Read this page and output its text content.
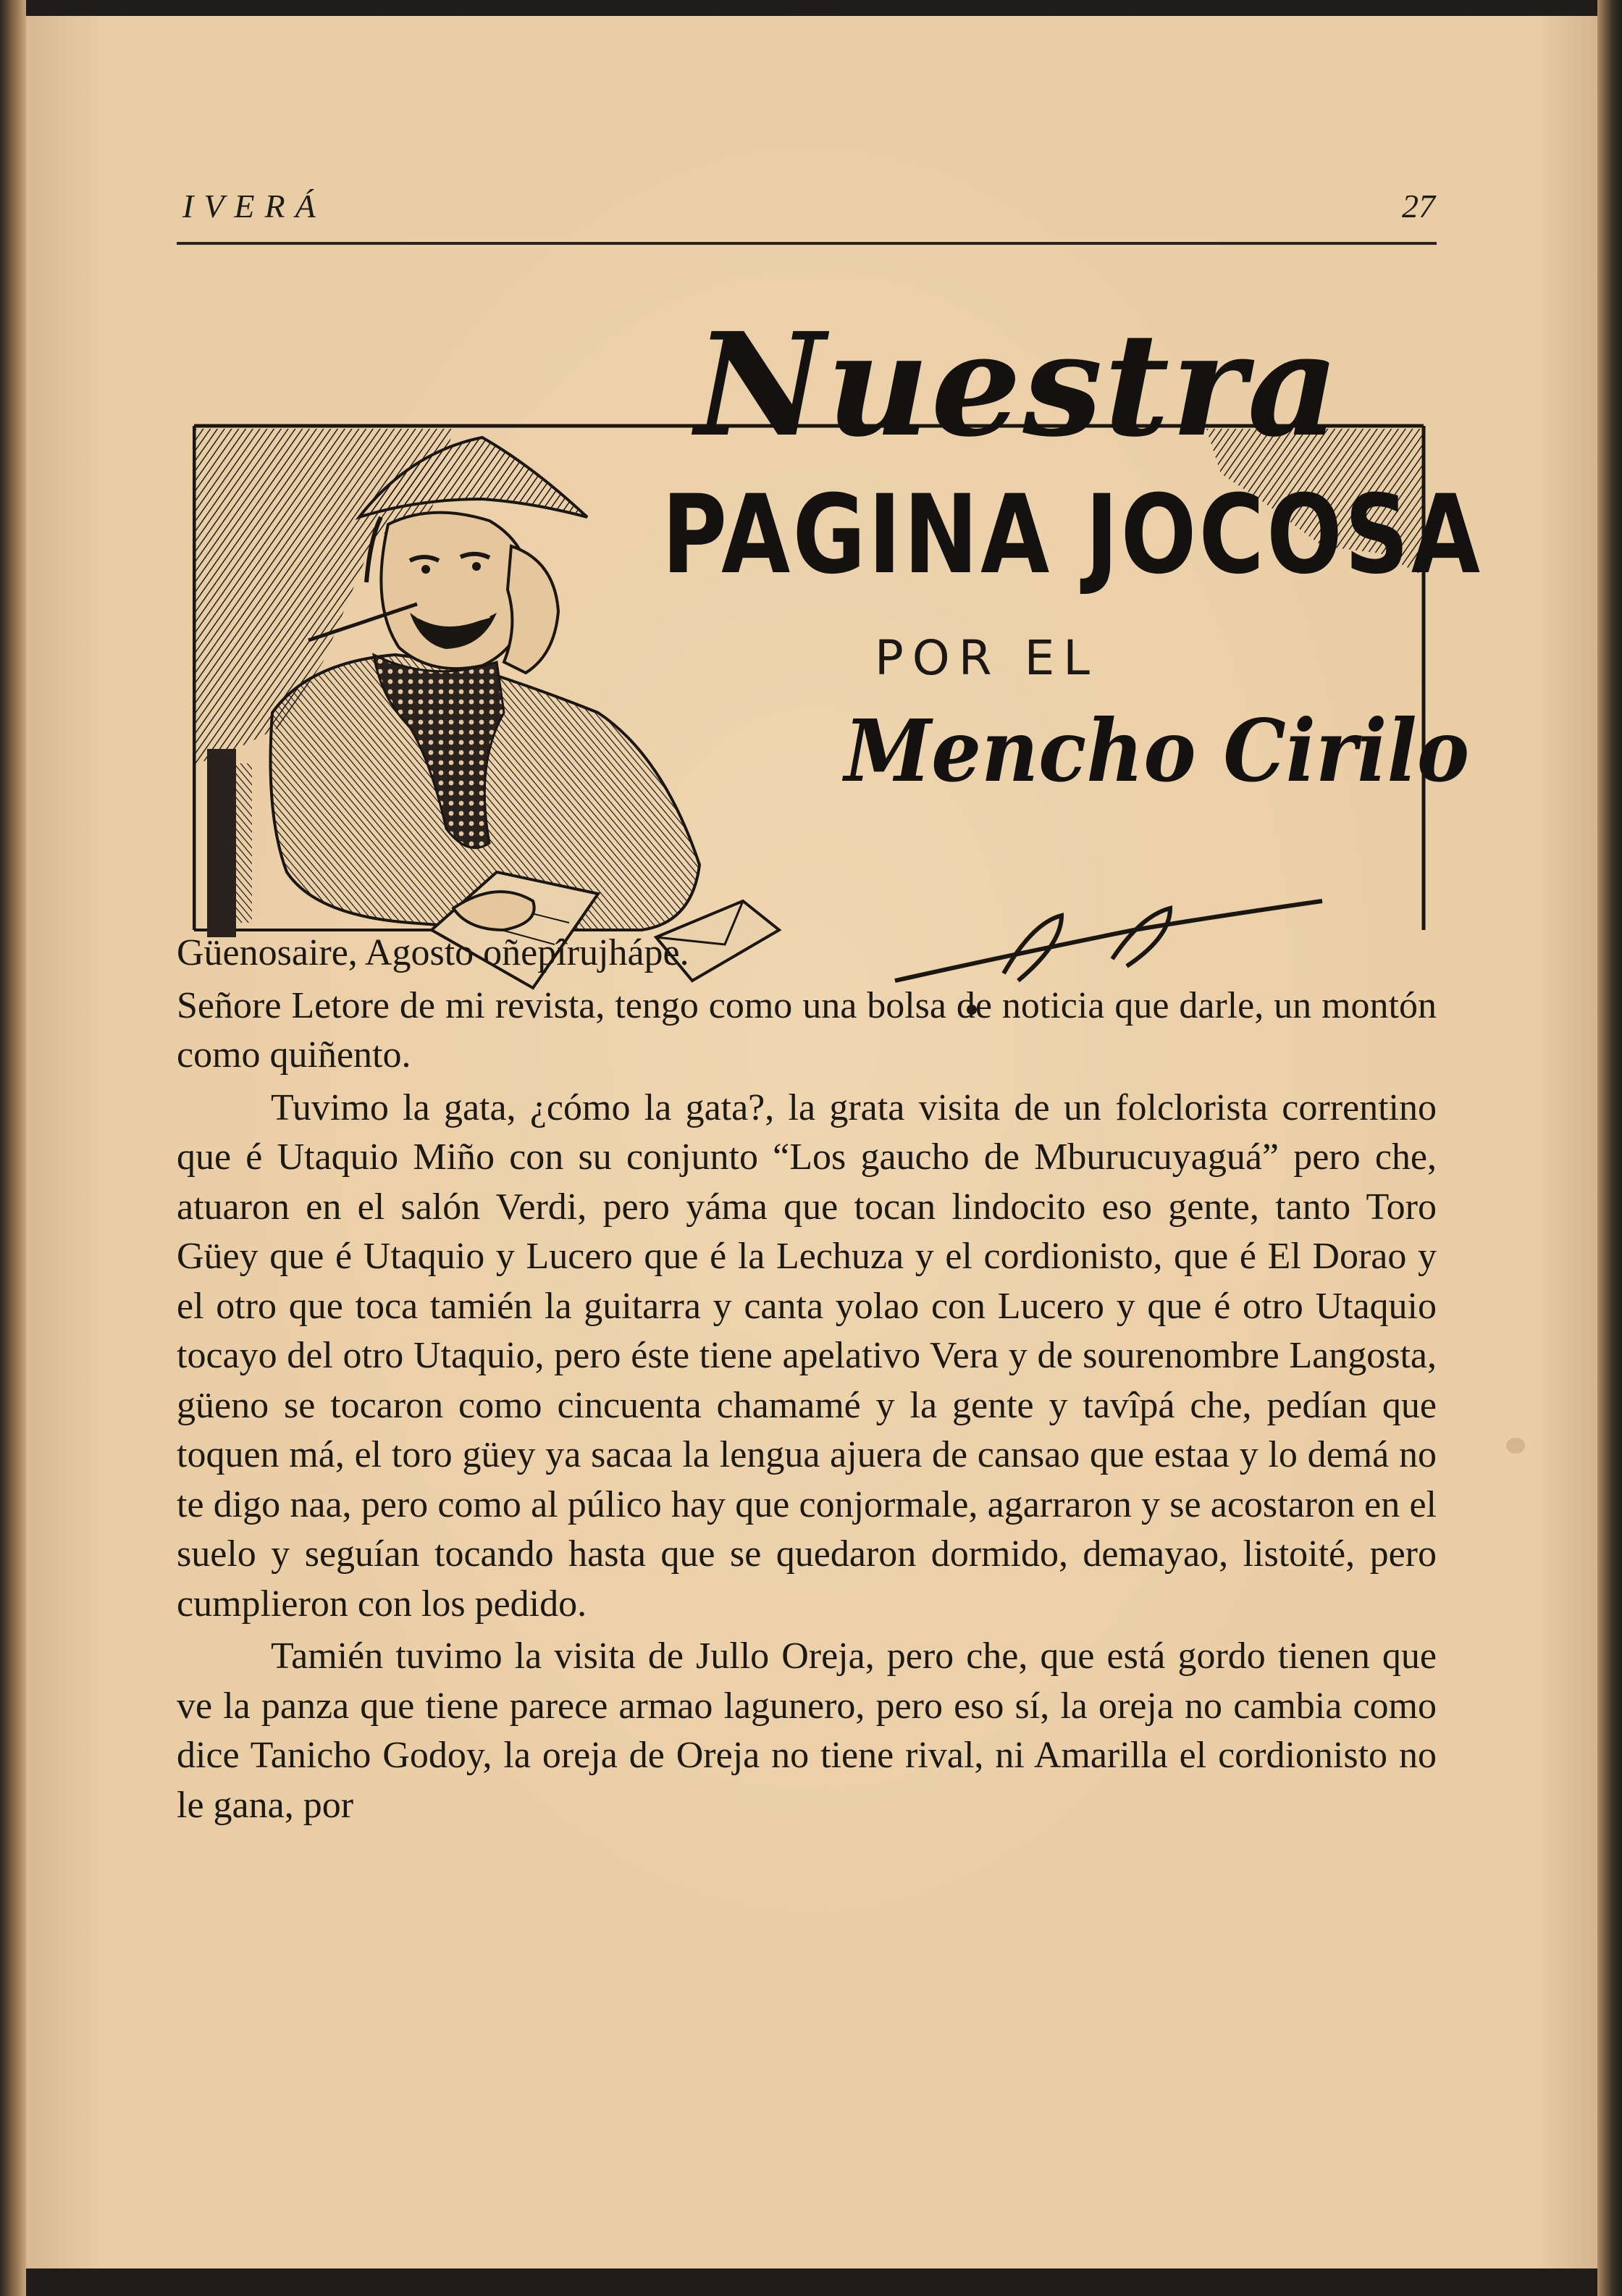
IVERÁ	27
Nuestra
PAGINA JOCOSA
POR EL
Mencho Cirilo

Güenosaire, Agosto oñepîrujhápe.

Señore Letore de mi revista, tengo como una bolsa de noticia que darle, un montón como quiñento.

Tuvimo la gata, ¿cómo la gata?, la grata visita de un folclorista correntino que é Utaquio Miño con su conjunto “Los gaucho de Mburucuyaguá” pero che, atuaron en el salón Verdi, pero yáma que tocan lindocito eso gente, tanto Toro Güey que é Utaquio y Lucero que é la Lechuza y el cordionisto, que é El Dorao y el otro que toca tamién la guitarra y canta yolao con Lucero y que é otro Utaquio tocayo del otro Utaquio, pero éste tiene apelativo Vera y de sourenombre Langosta, güeno se tocaron como cincuenta chamamé y la gente y tavîpá che, pedían que toquen má, el toro güey ya sacaa la lengua ajuera de cansao que estaa y lo demá no te digo naa, pero como al púlico hay que conjormale, agarraron y se acostaron en el suelo y seguían tocando hasta que se quedaron dormido, demayao, listoité, pero cumplieron con los pedido.

Tamién tuvimo la visita de Jullo Oreja, pero che, que está gordo tienen que ve la panza que tiene parece armao lagunero, pero eso sí, la oreja no cambia como dice Tanicho Godoy, la oreja de Oreja no tiene rival, ni Amarilla el cordionisto no le gana, por
